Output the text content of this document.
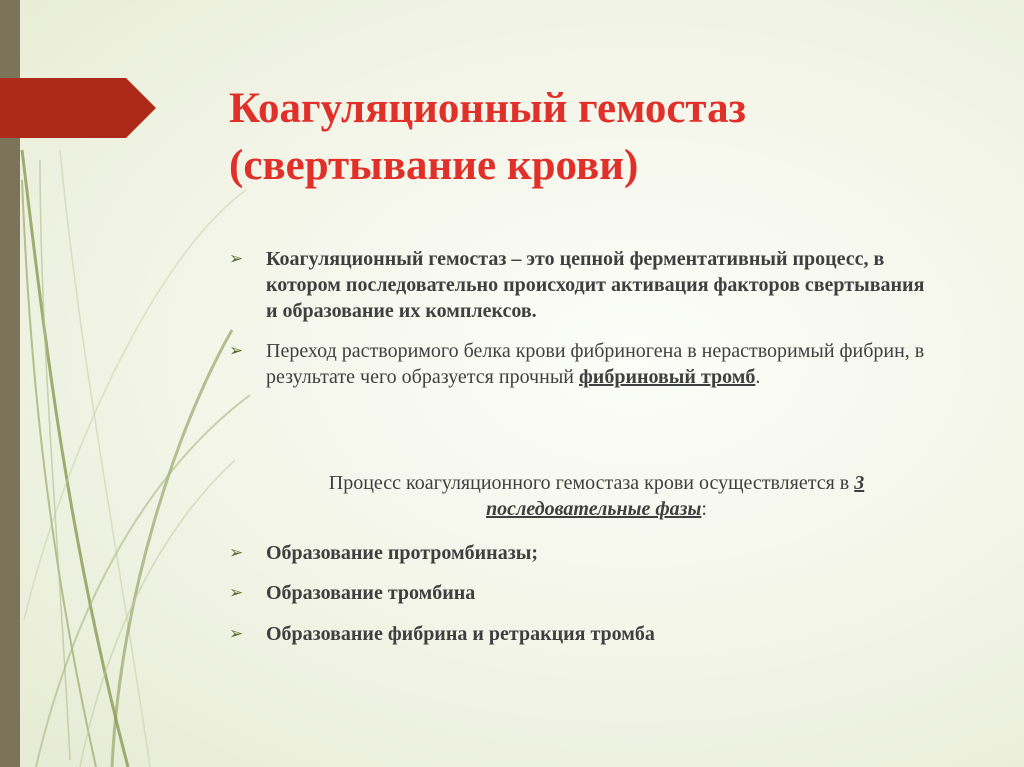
Коагуляционный гемостаз
(свертывание крови)
➢ Коагуляционный гемостаз – это цепной ферментативный процесс, в котором последовательно происходит активация факторов свертывания и образование их комплексов.
➢ Переход растворимого белка крови фибриногена в нерастворимый фибрин, в результате чего образуется прочный фибриновый тромб.
Процесс коагуляционного гемостаза крови осуществляется в 3
последовательные фазы:
➢ Образование протромбиназы;
➢ Образование тромбина
➢ Образование фибрина и ретракция тромба
